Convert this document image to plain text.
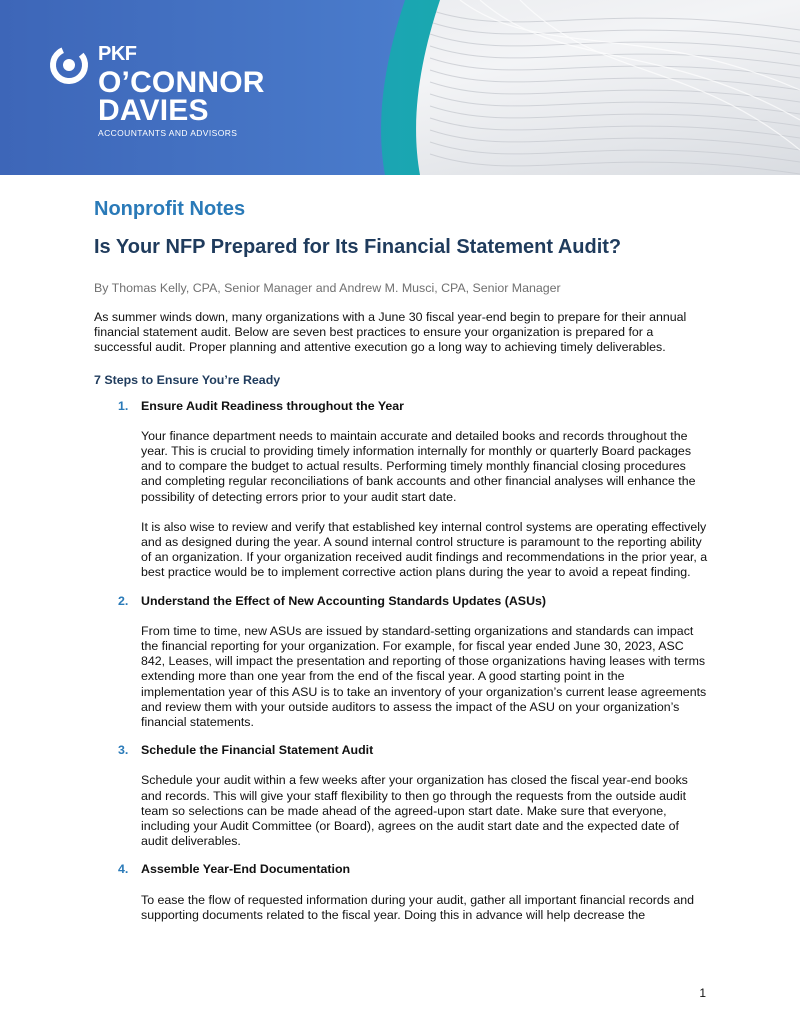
PKF
O’CONNOR
DAVIES
ACCOUNTANTS AND ADVISORS
Nonprofit Notes
Is Your NFP Prepared for Its Financial Statement Audit?
By Thomas Kelly, CPA, Senior Manager and Andrew M. Musci, CPA, Senior Manager

As summer winds down, many organizations with a June 30 fiscal year-end begin to prepare for their annual financial statement audit. Below are seven best practices to ensure your organization is prepared for a successful audit. Proper planning and attentive execution go a long way to achieving timely deliverables.

7 Steps to Ensure You’re Ready
1. Ensure Audit Readiness throughout the Year

Your finance department needs to maintain accurate and detailed books and records throughout the year. This is crucial to providing timely information internally for monthly or quarterly Board packages and to compare the budget to actual results. Performing timely monthly financial closing procedures and completing regular reconciliations of bank accounts and other financial analyses will enhance the possibility of detecting errors prior to your audit start date.

It is also wise to review and verify that established key internal control systems are operating effectively and as designed during the year. A sound internal control structure is paramount to the reporting ability of an organization. If your organization received audit findings and recommendations in the prior year, a best practice would be to implement corrective action plans during the year to avoid a repeat finding.

2. Understand the Effect of New Accounting Standards Updates (ASUs)

From time to time, new ASUs are issued by standard-setting organizations and standards can impact the financial reporting for your organization. For example, for fiscal year ended June 30, 2023, ASC 842, Leases, will impact the presentation and reporting of those organizations having leases with terms extending more than one year from the end of the fiscal year. A good starting point in the implementation year of this ASU is to take an inventory of your organization’s current lease agreements and review them with your outside auditors to assess the impact of the ASU on your organization’s financial statements.

3. Schedule the Financial Statement Audit

Schedule your audit within a few weeks after your organization has closed the fiscal year-end books and records. This will give your staff flexibility to then go through the requests from the outside audit team so selections can be made ahead of the agreed-upon start date. Make sure that everyone, including your Audit Committee (or Board), agrees on the audit start date and the expected date of audit deliverables.

4. Assemble Year-End Documentation

To ease the flow of requested information during your audit, gather all important financial records and supporting documents related to the fiscal year. Doing this in advance will help decrease the

1
